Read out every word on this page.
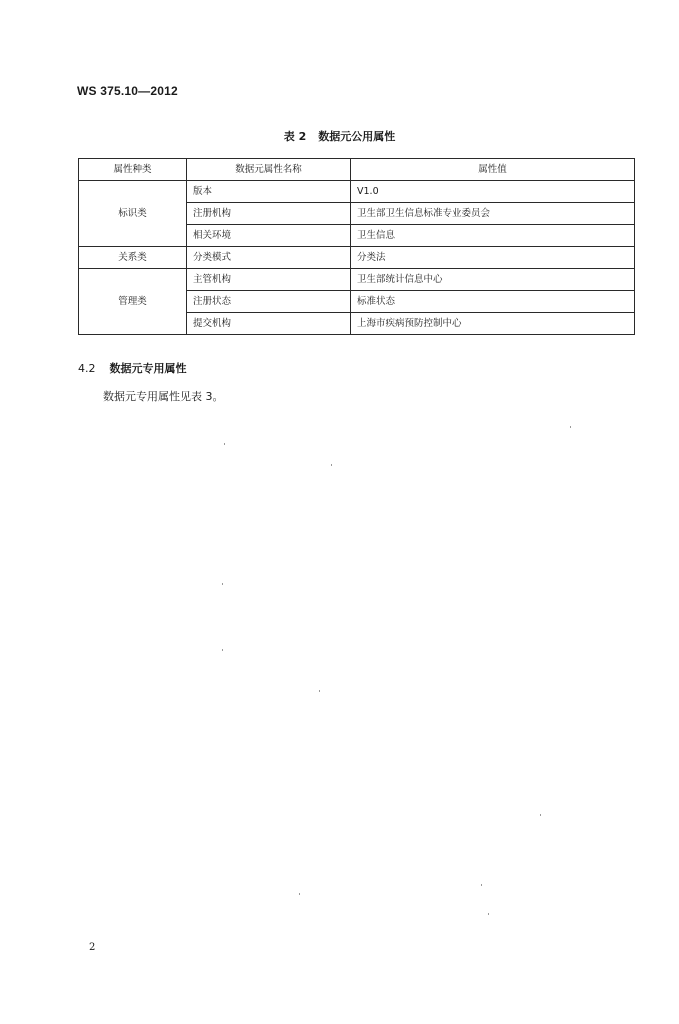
WS 375.10—2012
表 2 数据元公用属性
属性种类	数据元属性名称	属性值
标识类	版本	V1.0
	注册机构	卫生部卫生信息标准专业委员会
	相关环境	卫生信息
关系类	分类模式	分类法
管理类	主管机构	卫生部统计信息中心
	注册状态	标准状态
	提交机构	上海市疾病预防控制中心
4.2 数据元专用属性
数据元专用属性见表 3。
2
